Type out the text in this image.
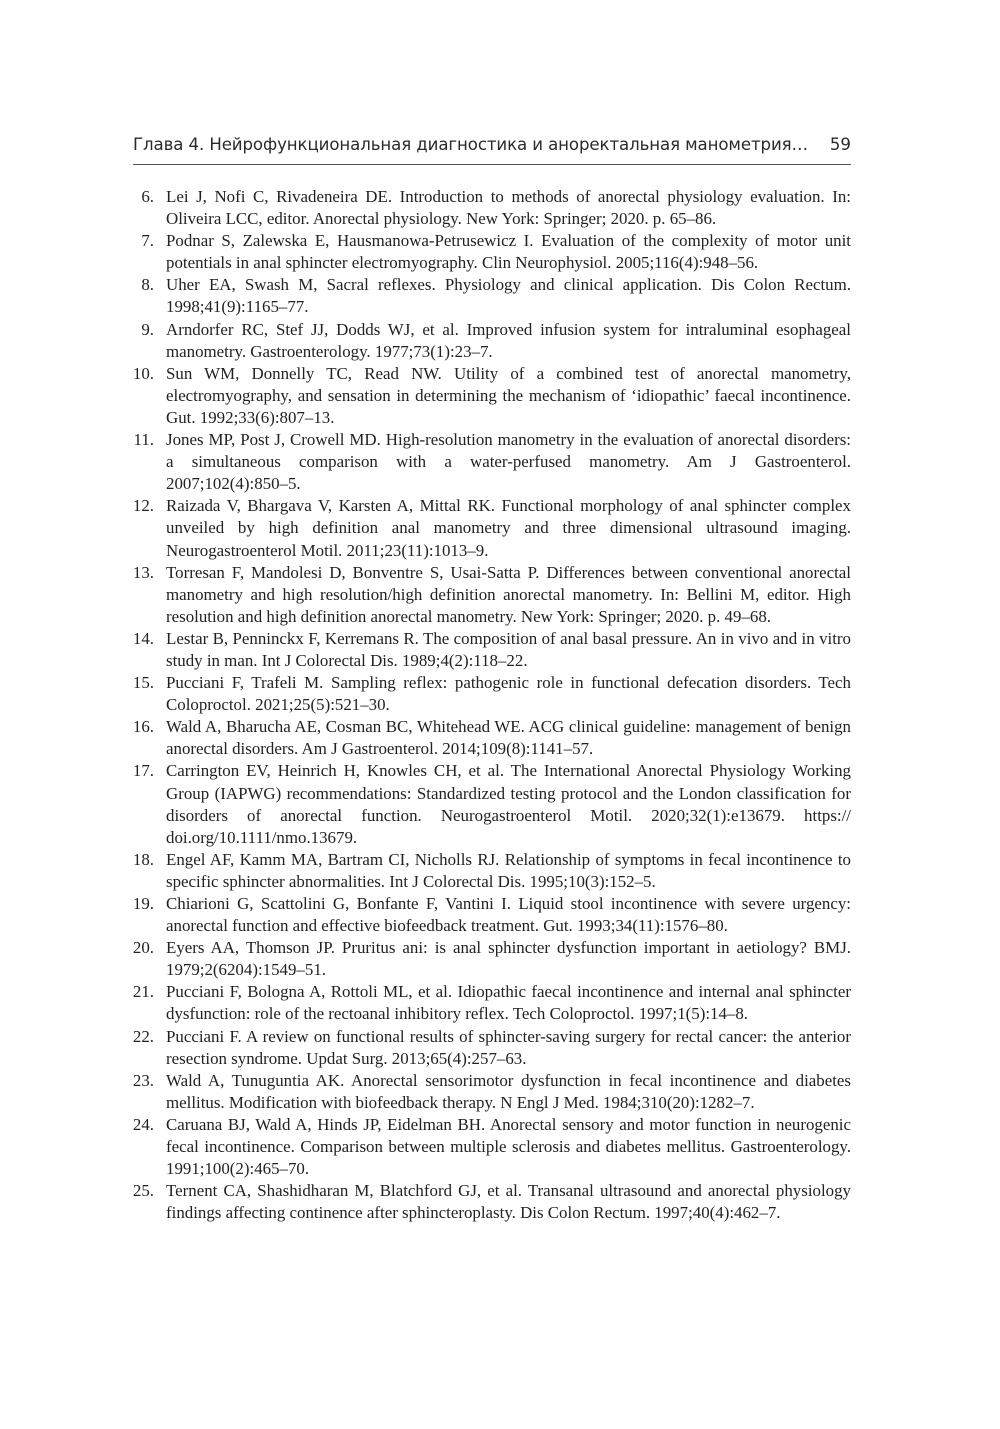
Глава 4. Нейрофункциональная диагностика и аноректальная манометрия… 59
6. Lei J, Nofi C, Rivadeneira DE. Introduction to methods of anorectal physiology evaluation. In: Oliveira LCC, editor. Anorectal physiology. New York: Springer; 2020. p. 65–86.
7. Podnar S, Zalewska E, Hausmanowa-Petrusewicz I. Evaluation of the complexity of motor unit potentials in anal sphincter electromyography. Clin Neurophysiol. 2005;116(4):948–56.
8. Uher EA, Swash M, Sacral reflexes. Physiology and clinical application. Dis Colon Rectum. 1998;41(9):1165–77.
9. Arndorfer RC, Stef JJ, Dodds WJ, et al. Improved infusion system for intraluminal esophageal manometry. Gastroenterology. 1977;73(1):23–7.
10. Sun WM, Donnelly TC, Read NW. Utility of a combined test of anorectal manometry, electromyography, and sensation in determining the mechanism of ‘idiopathic’ faecal incontinence. Gut. 1992;33(6):807–13.
11. Jones MP, Post J, Crowell MD. High-resolution manometry in the evaluation of anorectal disorders: a simultaneous comparison with a water-perfused manometry. Am J Gastroenterol. 2007;102(4):850–5.
12. Raizada V, Bhargava V, Karsten A, Mittal RK. Functional morphology of anal sphincter complex unveiled by high definition anal manometry and three dimensional ultrasound imaging. Neurogastroenterol Motil. 2011;23(11):1013–9.
13. Torresan F, Mandolesi D, Bonventre S, Usai-Satta P. Differences between conventional anorectal manometry and high resolution/high definition anorectal manometry. In: Bellini M, editor. High resolution and high definition anorectal manometry. New York: Springer; 2020. p. 49–68.
14. Lestar B, Penninckx F, Kerremans R. The composition of anal basal pressure. An in vivo and in vitro study in man. Int J Colorectal Dis. 1989;4(2):118–22.
15. Pucciani F, Trafeli M. Sampling reflex: pathogenic role in functional defecation disorders. Tech Coloproctol. 2021;25(5):521–30.
16. Wald A, Bharucha AE, Cosman BC, Whitehead WE. ACG clinical guideline: management of benign anorectal disorders. Am J Gastroenterol. 2014;109(8):1141–57.
17. Carrington EV, Heinrich H, Knowles CH, et al. The International Anorectal Physiology Working Group (IAPWG) recommendations: Standardized testing protocol and the London classification for disorders of anorectal function. Neurogastroenterol Motil. 2020;32(1):e13679. https:// doi.org/10.1111/nmo.13679.
18. Engel AF, Kamm MA, Bartram CI, Nicholls RJ. Relationship of symptoms in fecal incontinence to specific sphincter abnormalities. Int J Colorectal Dis. 1995;10(3):152–5.
19. Chiarioni G, Scattolini G, Bonfante F, Vantini I. Liquid stool incontinence with severe urgency: anorectal function and effective biofeedback treatment. Gut. 1993;34(11):1576–80.
20. Eyers AA, Thomson JP. Pruritus ani: is anal sphincter dysfunction important in aetiology? BMJ. 1979;2(6204):1549–51.
21. Pucciani F, Bologna A, Rottoli ML, et al. Idiopathic faecal incontinence and internal anal sphincter dysfunction: role of the rectoanal inhibitory reflex. Tech Coloproctol. 1997;1(5):14–8.
22. Pucciani F. A review on functional results of sphincter-saving surgery for rectal cancer: the anterior resection syndrome. Updat Surg. 2013;65(4):257–63.
23. Wald A, Tunuguntia AK. Anorectal sensorimotor dysfunction in fecal incontinence and diabetes mellitus. Modification with biofeedback therapy. N Engl J Med. 1984;310(20):1282–7.
24. Caruana BJ, Wald A, Hinds JP, Eidelman BH. Anorectal sensory and motor function in neurogenic fecal incontinence. Comparison between multiple sclerosis and diabetes mellitus. Gastroenterology. 1991;100(2):465–70.
25. Ternent CA, Shashidharan M, Blatchford GJ, et al. Transanal ultrasound and anorectal physiology findings affecting continence after sphincteroplasty. Dis Colon Rectum. 1997;40(4):462–7.
